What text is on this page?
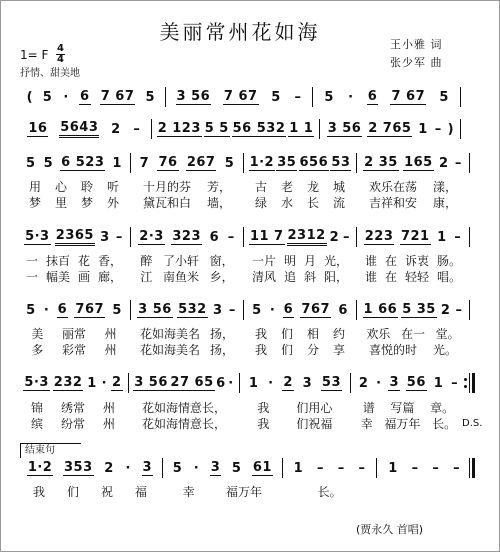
美丽常州花如海
王小雅 词
张少军 曲
1= F 4
4
抒情、甜美地
( 5 · 6 7 67 5 3 56 7 67 5 – 5 · 6 7 67 5
16 5643 2 – 2 123 5 5 56 532 1 1 3 56 2 765 1 – )
5 5 6 523 1 7 76 267 5 1·2 35 656 53 2 35 165 2 –
用 心 聆 听 十月的芬 芳， 古 老 龙 城 欢乐在荡 漾，
梦 里 梦 外 黛瓦和白 墙， 绿 水 长 流 吉祥和安 康，
5·3 2365 3 – 2·3 323 6 – 11 7 2312 2 – 223 721 1 –
一 抹百 花 香， 醉 了小轩 窗， 一片 明 月 光， 谁 在 诉衷 肠。
一 幅美 画 廊， 江 南鱼米 乡， 清风 追 斜 阳， 谁 在 轻轻 唱。
5 · 6 767 5 3 56 532 3 – 5 · 6 767 6 1 66 5 35 2 –
美 丽常 州 花如海美名 扬， 我 们 相 约 欢乐 在一 堂。
多 彩常 州 花如海美名 扬， 我 们 分 享 喜悦的时 光。
5·3 232 1 · 2 3 56 27 65 6 · 1 · 2 3 53 2 · 3 56 1 –
锦 绣常 州 花如海情意长，	我 们用心	谱 写篇 章。
缤 纷常 州 花如海情意长，	我 们祝福 幸 福万年 长。 D.S.
1·2 353 2 · 3 5 · 3 5 61 1 – – – 1 – – –
我 们 祝 福	幸	福万年	长。
结束句
(贾永久 首唱)
